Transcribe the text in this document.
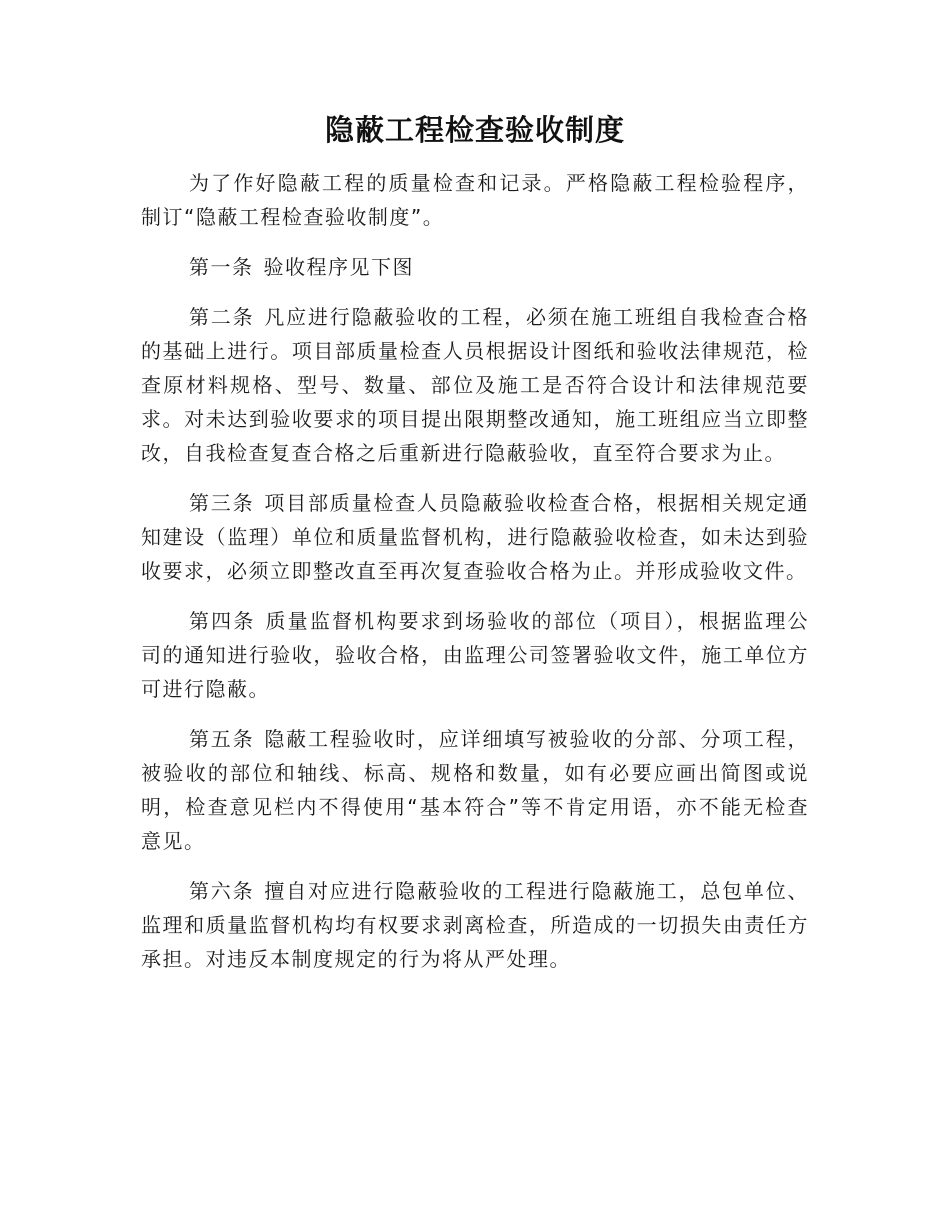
隐蔽工程检查验收制度

为了作好隐蔽工程的质量检查和记录。严格隐蔽工程检验程序，制订“隐蔽工程检查验收制度”。

第一条 验收程序见下图

第二条 凡应进行隐蔽验收的工程，必须在施工班组自我检查合格的基础上进行。项目部质量检查人员根据设计图纸和验收法律规范，检查原材料规格、型号、数量、部位及施工是否符合设计和法律规范要求。对未达到验收要求的项目提出限期整改通知，施工班组应当立即整改，自我检查复查合格之后重新进行隐蔽验收，直至符合要求为止。

第三条 项目部质量检查人员隐蔽验收检查合格，根据相关规定通知建设（监理）单位和质量监督机构，进行隐蔽验收检查，如未达到验收要求，必须立即整改直至再次复查验收合格为止。并形成验收文件。

第四条 质量监督机构要求到场验收的部位（项目），根据监理公司的通知进行验收，验收合格，由监理公司签署验收文件，施工单位方可进行隐蔽。

第五条 隐蔽工程验收时，应详细填写被验收的分部、分项工程，被验收的部位和轴线、标高、规格和数量，如有必要应画出简图或说明，检查意见栏内不得使用“基本符合”等不肯定用语，亦不能无检查意见。

第六条 擅自对应进行隐蔽验收的工程进行隐蔽施工，总包单位、监理和质量监督机构均有权要求剥离检查，所造成的一切损失由责任方承担。对违反本制度规定的行为将从严处理。
